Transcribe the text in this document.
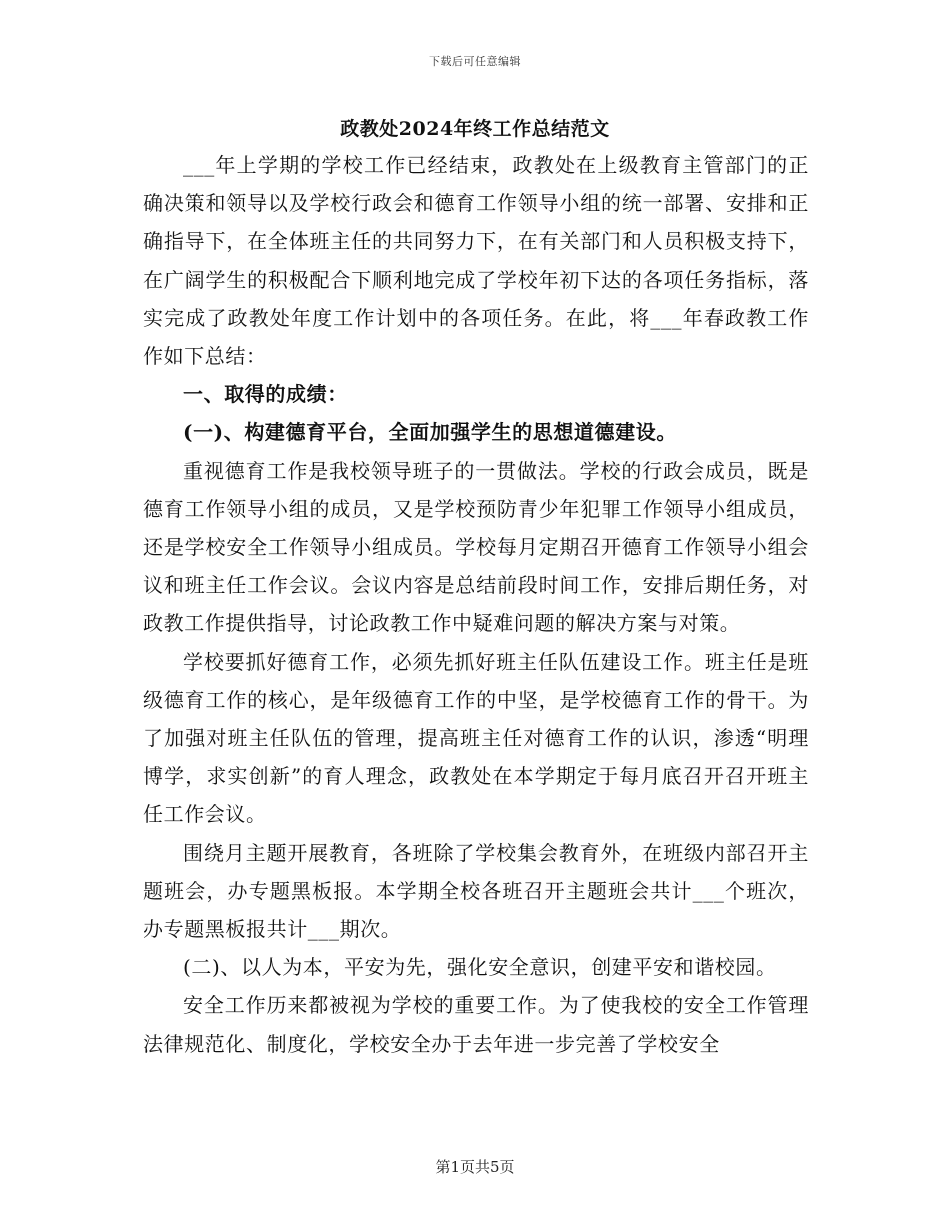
下载后可任意编辑
政教处2024年终工作总结范文

___年上学期的学校工作已经结束，政教处在上级教育主管部门的正确决策和领导以及学校行政会和德育工作领导小组的统一部署、安排和正确指导下，在全体班主任的共同努力下，在有关部门和人员积极支持下，在广阔学生的积极配合下顺利地完成了学校年初下达的各项任务指标，落实完成了政教处年度工作计划中的各项任务。在此，将___年春政教工作作如下总结：

一、取得的成绩：

(一)、构建德育平台，全面加强学生的思想道德建设。

重视德育工作是我校领导班子的一贯做法。学校的行政会成员，既是德育工作领导小组的成员，又是学校预防青少年犯罪工作领导小组成员，还是学校安全工作领导小组成员。学校每月定期召开德育工作领导小组会议和班主任工作会议。会议内容是总结前段时间工作，安排后期任务，对政教工作提供指导，讨论政教工作中疑难问题的解决方案与对策。

学校要抓好德育工作，必须先抓好班主任队伍建设工作。班主任是班级德育工作的核心，是年级德育工作的中坚，是学校德育工作的骨干。为了加强对班主任队伍的管理，提高班主任对德育工作的认识，渗透“明理博学，求实创新”的育人理念，政教处在本学期定于每月底召开召开班主任工作会议。

围绕月主题开展教育，各班除了学校集会教育外，在班级内部召开主题班会，办专题黑板报。本学期全校各班召开主题班会共计___个班次，办专题黑板报共计___期次。

(二)、以人为本，平安为先，强化安全意识，创建平安和谐校园。

安全工作历来都被视为学校的重要工作。为了使我校的安全工作管理法律规范化、制度化，学校安全办于去年进一步完善了学校安全

第1页共5页
